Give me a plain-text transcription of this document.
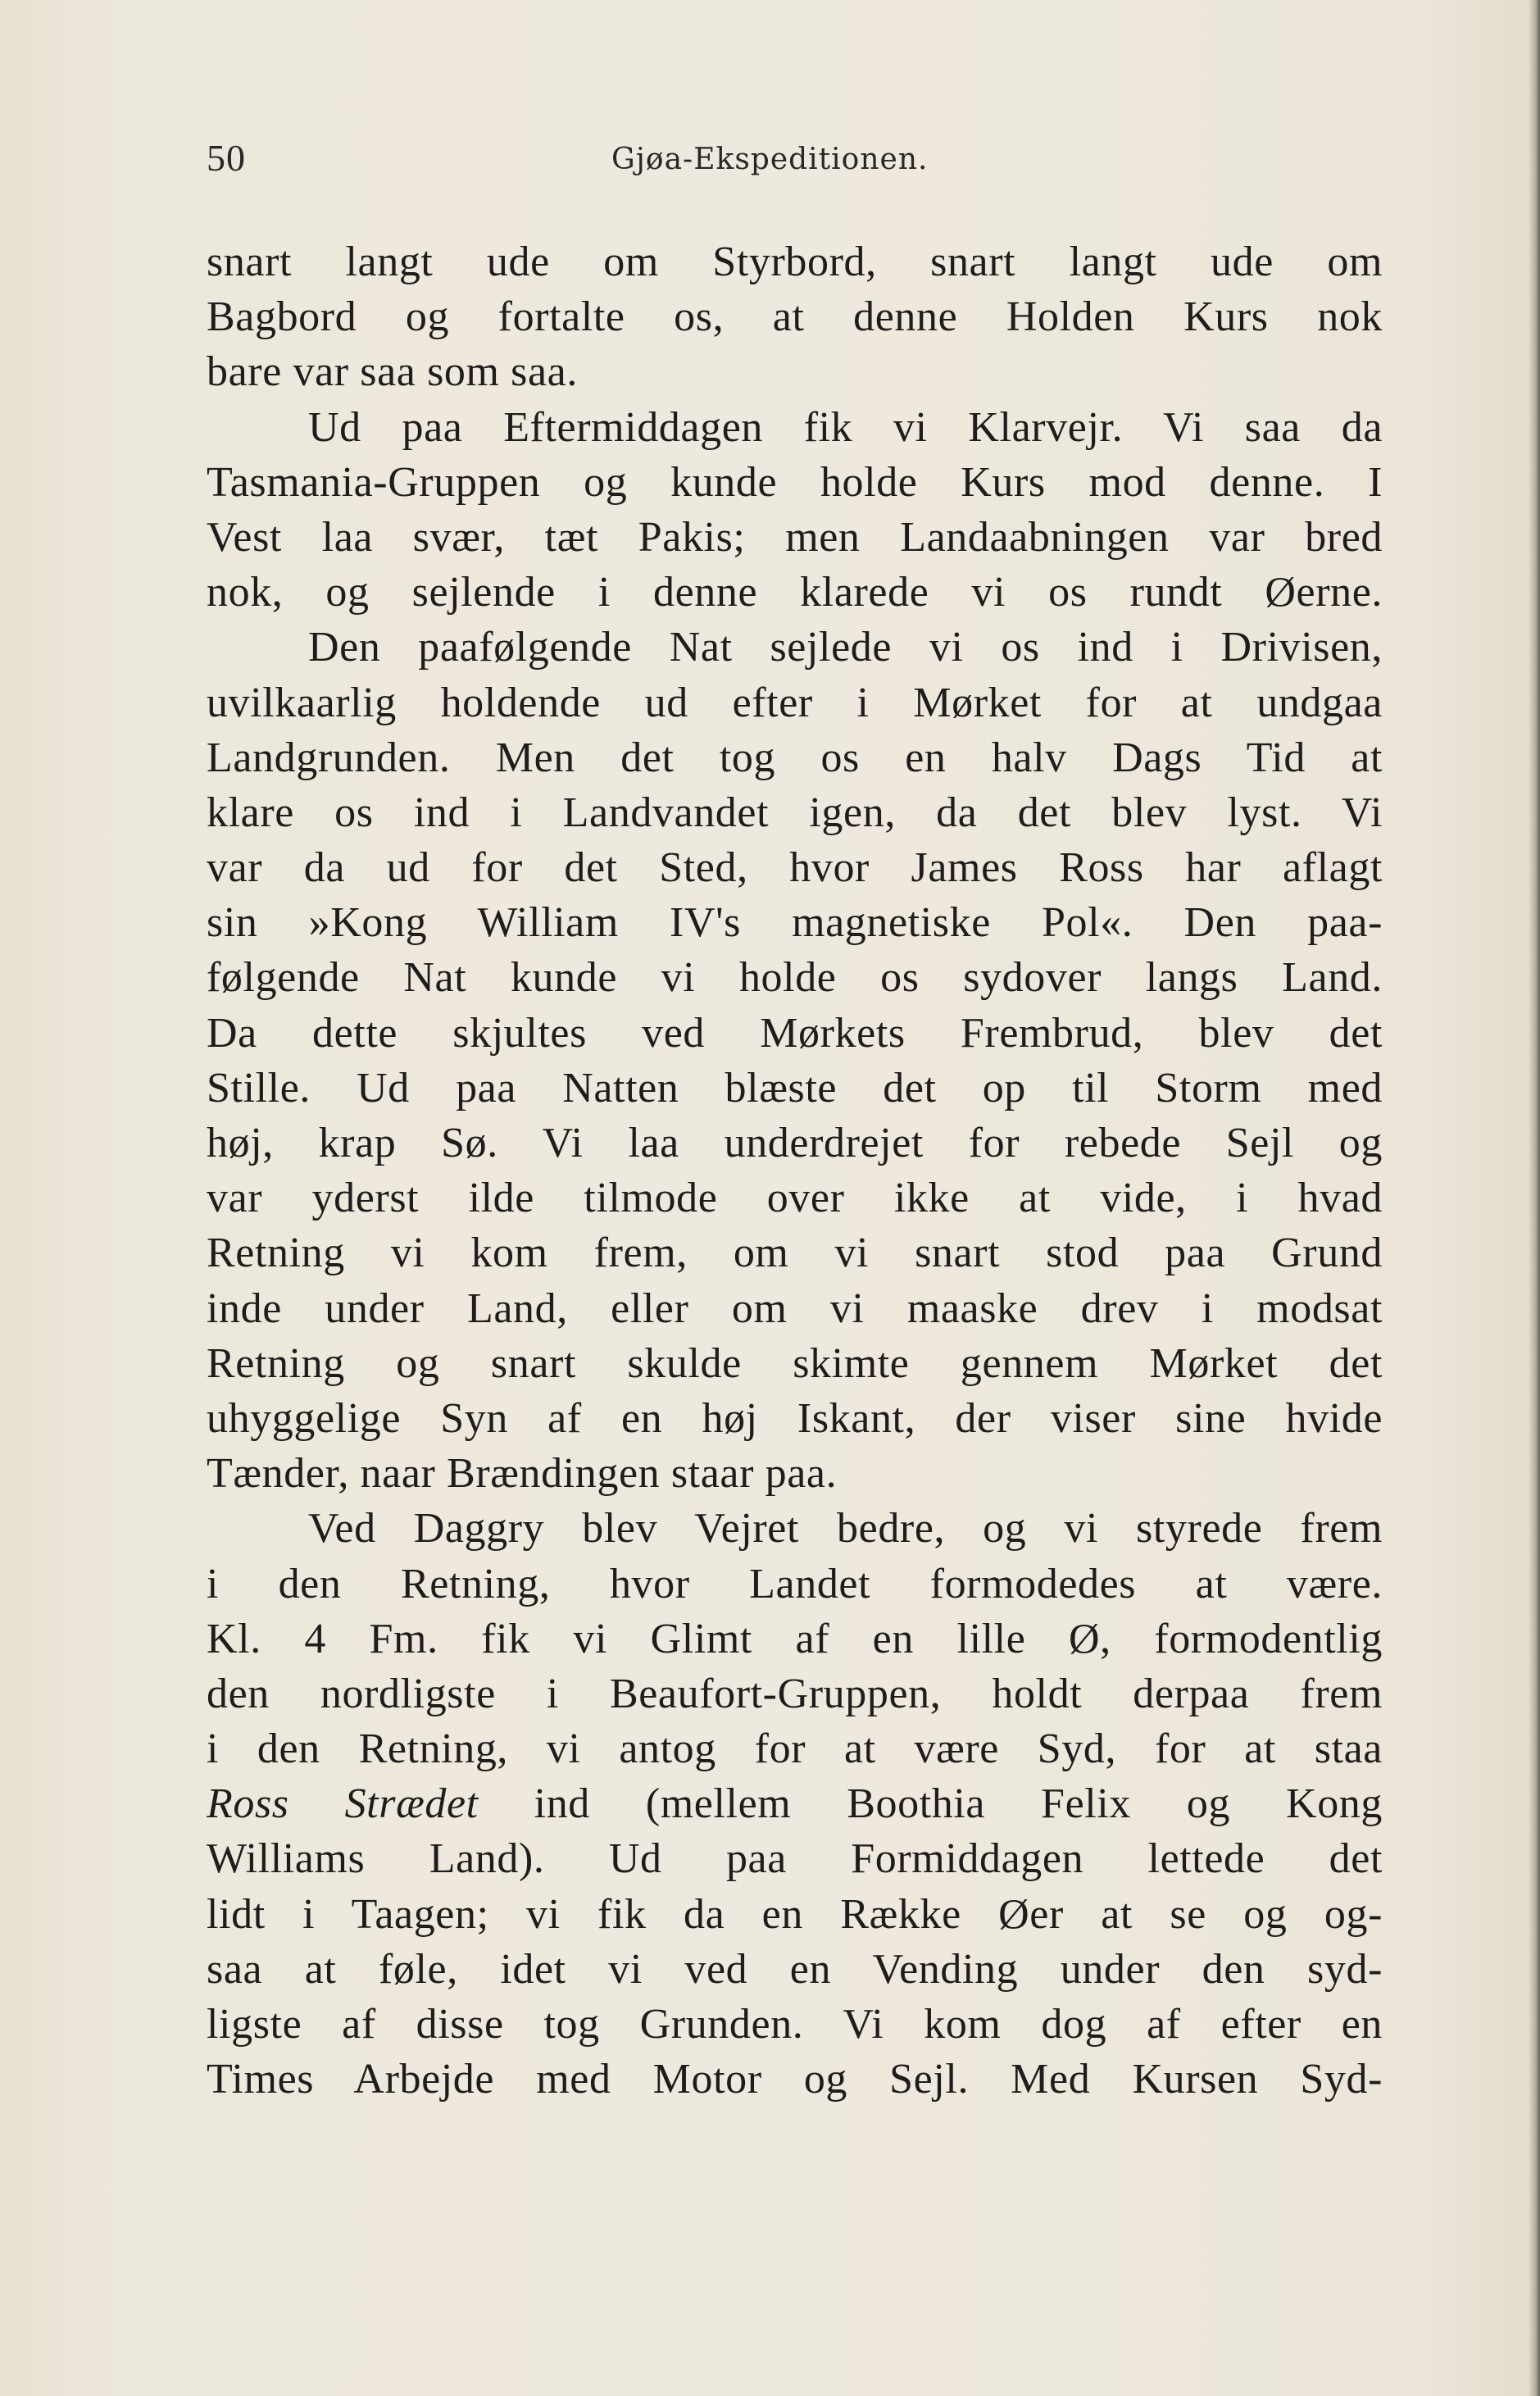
50	Gjøa-Ekspeditionen.
snart langt ude om Styrbord, snart langt ude om
Bagbord og fortalte os, at denne Holden Kurs nok
bare var saa som saa.
Ud paa Eftermiddagen fik vi Klarvejr. Vi saa da
Tasmania-Gruppen og kunde holde Kurs mod denne. I
Vest laa svær, tæt Pakis; men Landaabningen var bred
nok, og sejlende i denne klarede vi os rundt Øerne.
Den paafølgende Nat sejlede vi os ind i Drivisen,
uvilkaarlig holdende ud efter i Mørket for at undgaa
Landgrunden. Men det tog os en halv Dags Tid at
klare os ind i Landvandet igen, da det blev lyst. Vi
var da ud for det Sted, hvor James Ross har aflagt
sin »Kong William IV's magnetiske Pol«. Den paa-
følgende Nat kunde vi holde os sydover langs Land.
Da dette skjultes ved Mørkets Frembrud, blev det
Stille. Ud paa Natten blæste det op til Storm med
høj, krap Sø. Vi laa underdrejet for rebede Sejl og
var yderst ilde tilmode over ikke at vide, i hvad
Retning vi kom frem, om vi snart stod paa Grund
inde under Land, eller om vi maaske drev i modsat
Retning og snart skulde skimte gennem Mørket det
uhyggelige Syn af en høj Iskant, der viser sine hvide
Tænder, naar Brændingen staar paa.
Ved Daggry blev Vejret bedre, og vi styrede frem
i den Retning, hvor Landet formodedes at være.
Kl. 4 Fm. fik vi Glimt af en lille Ø, formodentlig
den nordligste i Beaufort-Gruppen, holdt derpaa frem
i den Retning, vi antog for at være Syd, for at staa
Ross Strædet ind (mellem Boothia Felix og Kong
Williams Land). Ud paa Formiddagen lettede det
lidt i Taagen; vi fik da en Række Øer at se og og-
saa at føle, idet vi ved en Vending under den syd-
ligste af disse tog Grunden. Vi kom dog af efter en
Times Arbejde med Motor og Sejl. Med Kursen Syd-
